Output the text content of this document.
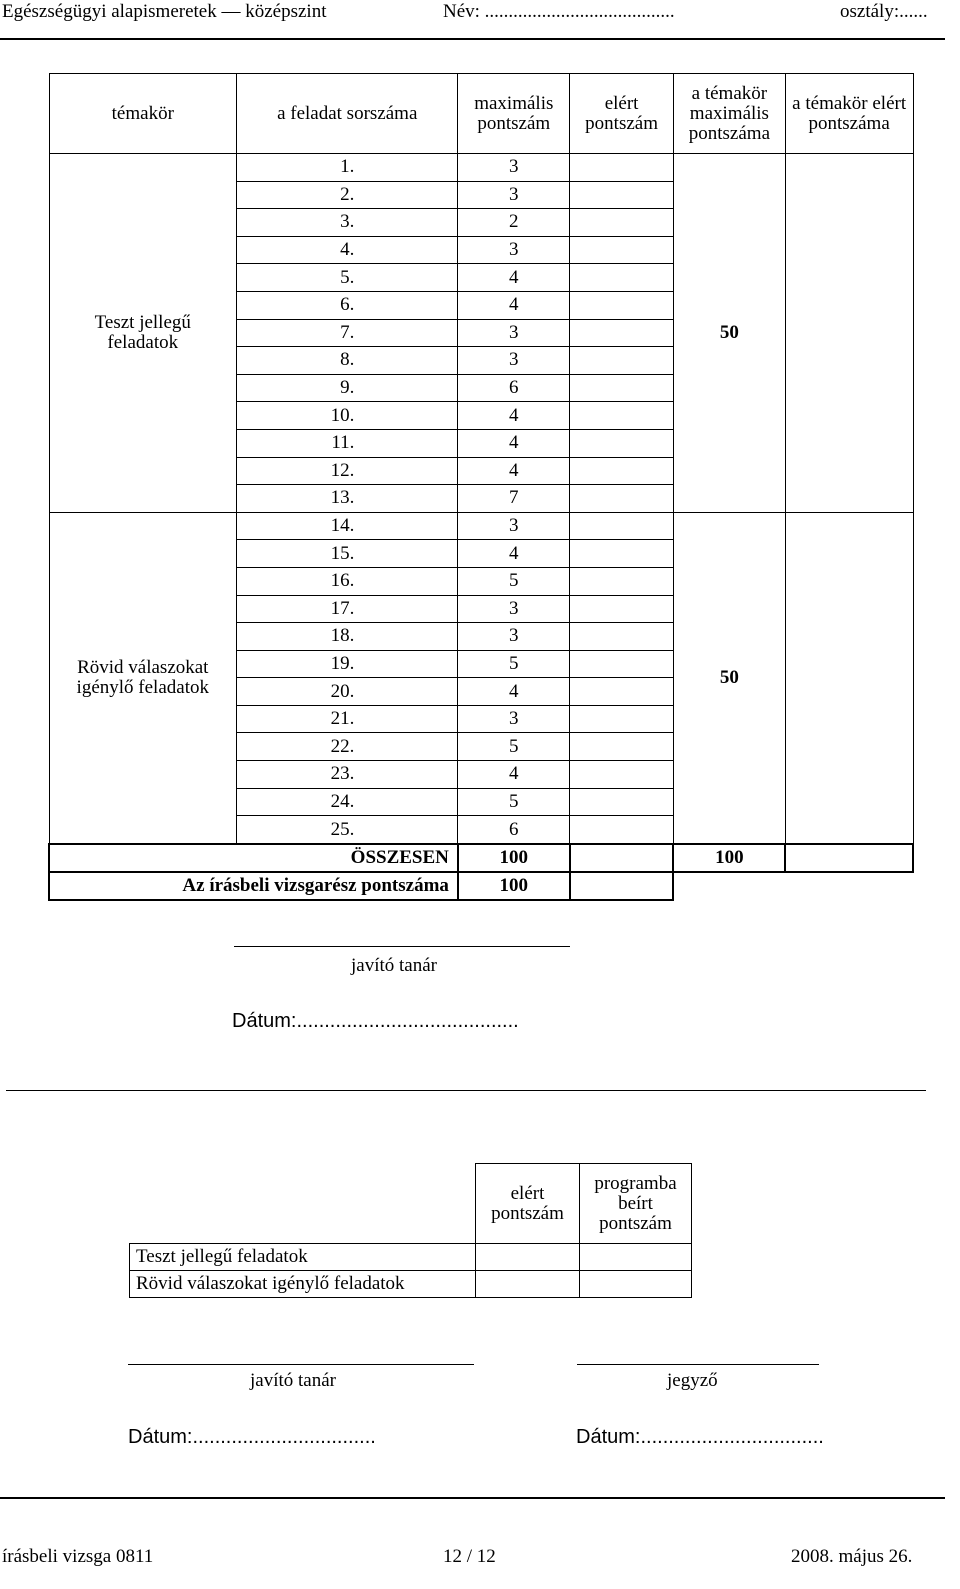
Egészségügyi alapismeretek — középszint	Név: ........................................	osztály:......
témakör	a feladat sorszáma	maximális pontszám	elért pontszám	a témakör maximális pontszáma	a témakör elért pontszáma
Teszt jellegű feladatok	1.	3		50	
	2.	3			
	3.	2			
	4.	3			
	5.	4			
	6.	4			
	7.	3			
	8.	3			
	9.	6			
	10.	4			
	11.	4			
	12.	4			
	13.	7			
Rövid válaszokat igénylő feladatok	14.	3		50	
	15.	4			
	16.	5			
	17.	3			
	18.	3			
	19.	5			
	20.	4			
	21.	3			
	22.	5			
	23.	4			
	24.	5			
	25.	6			
ÖSSZESEN		100		100	
Az írásbeli vizsgarész pontszáma		100			
javító tanár
Dátum:........................................
	elért pontszám	programba beírt pontszám
Teszt jellegű feladatok		
Rövid válaszokat igénylő feladatok		
javító tanár	jegyző
Dátum:.................................	Dátum:.................................
írásbeli vizsga 0811	12 / 12	2008. május 26.
